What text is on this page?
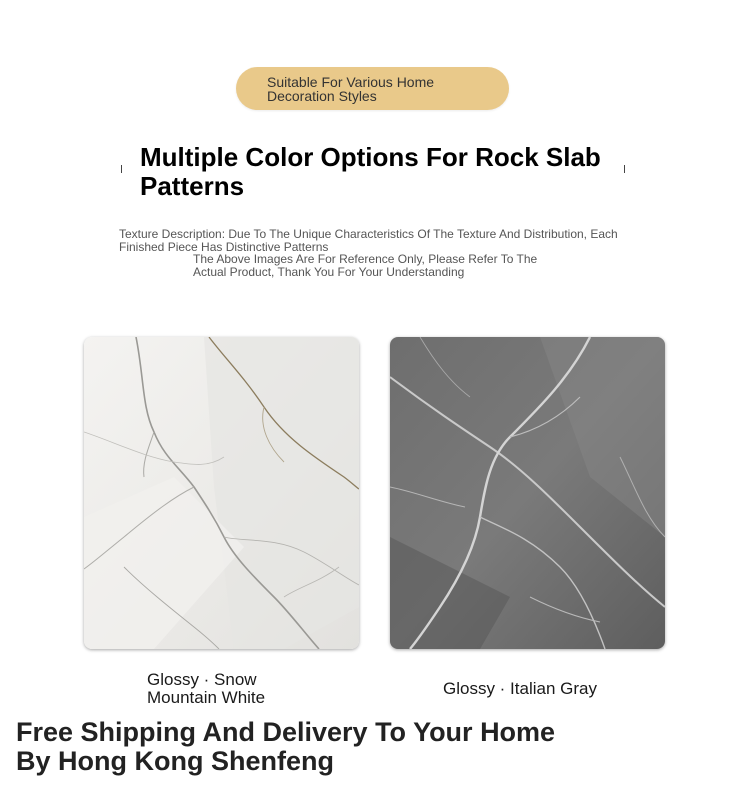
Suitable For Various Home
Decoration Styles
Multiple Color Options For Rock Slab Patterns
Texture Description: Due To The Unique Characteristics Of The Texture And Distribution, Each Finished Piece Has Distinctive Patterns
The Above Images Are For Reference Only, Please Refer To The Actual Product, Thank You For Your Understanding
Glossy · Snow Mountain White	Glossy · Italian Gray
Free Shipping And Delivery To Your Home By Hong Kong Shenfeng
